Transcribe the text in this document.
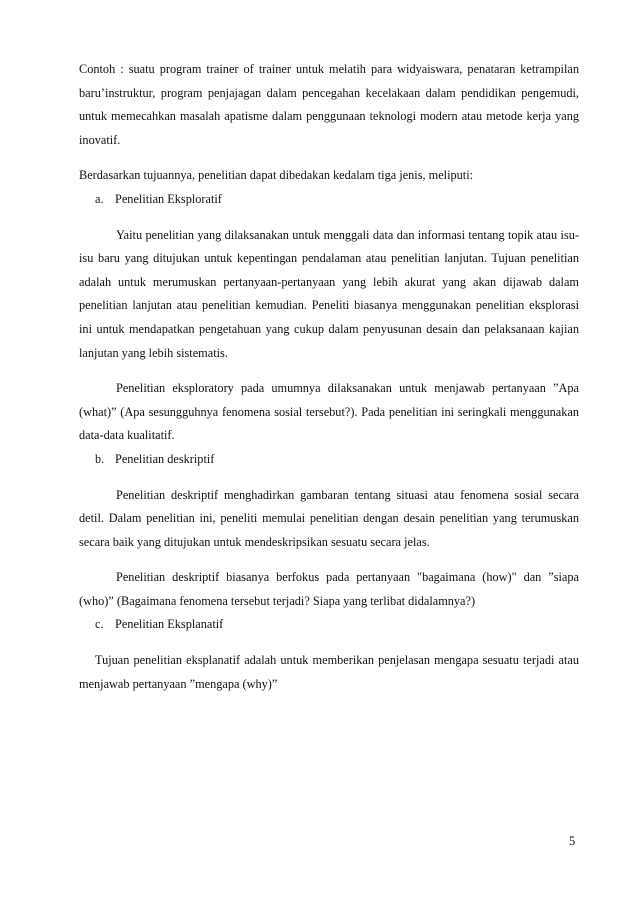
Contoh : suatu program trainer of trainer untuk melatih para widyaiswara, penataran ketrampilan baru’instruktur, program penjajagan dalam pencegahan kecelakaan dalam pendidikan pengemudi, untuk memecahkan masalah apatisme dalam penggunaan teknologi modern atau metode kerja yang inovatif.

Berdasarkan tujuannya, penelitian dapat dibedakan kedalam tiga jenis, meliputi:

a. Penelitian Eksploratif

Yaitu penelitian yang dilaksanakan untuk menggali data dan informasi tentang topik atau isu-isu baru yang ditujukan untuk kepentingan pendalaman atau penelitian lanjutan. Tujuan penelitian adalah untuk merumuskan pertanyaan-pertanyaan yang lebih akurat yang akan dijawab dalam penelitian lanjutan atau penelitian kemudian. Peneliti biasanya menggunakan penelitian eksplorasi ini untuk mendapatkan pengetahuan yang cukup dalam penyusunan desain dan pelaksanaan kajian lanjutan yang lebih sistematis.

Penelitian eksploratory pada umumnya dilaksanakan untuk menjawab pertanyaan ”Apa (what)” (Apa sesungguhnya fenomena sosial tersebut?). Pada penelitian ini seringkali menggunakan data-data kualitatif.

b. Penelitian deskriptif

Penelitian deskriptif menghadirkan gambaran tentang situasi atau fenomena sosial secara detil. Dalam penelitian ini, peneliti memulai penelitian dengan desain penelitian yang terumuskan secara baik yang ditujukan untuk mendeskripsikan sesuatu secara jelas.

Penelitian deskriptif biasanya berfokus pada pertanyaan "bagaimana (how)" dan ”siapa (who)” (Bagaimana fenomena tersebut terjadi? Siapa yang terlibat didalamnya?)

c. Penelitian Eksplanatif

Tujuan penelitian eksplanatif adalah untuk memberikan penjelasan mengapa sesuatu terjadi atau menjawab pertanyaan ”mengapa (why)”

5
